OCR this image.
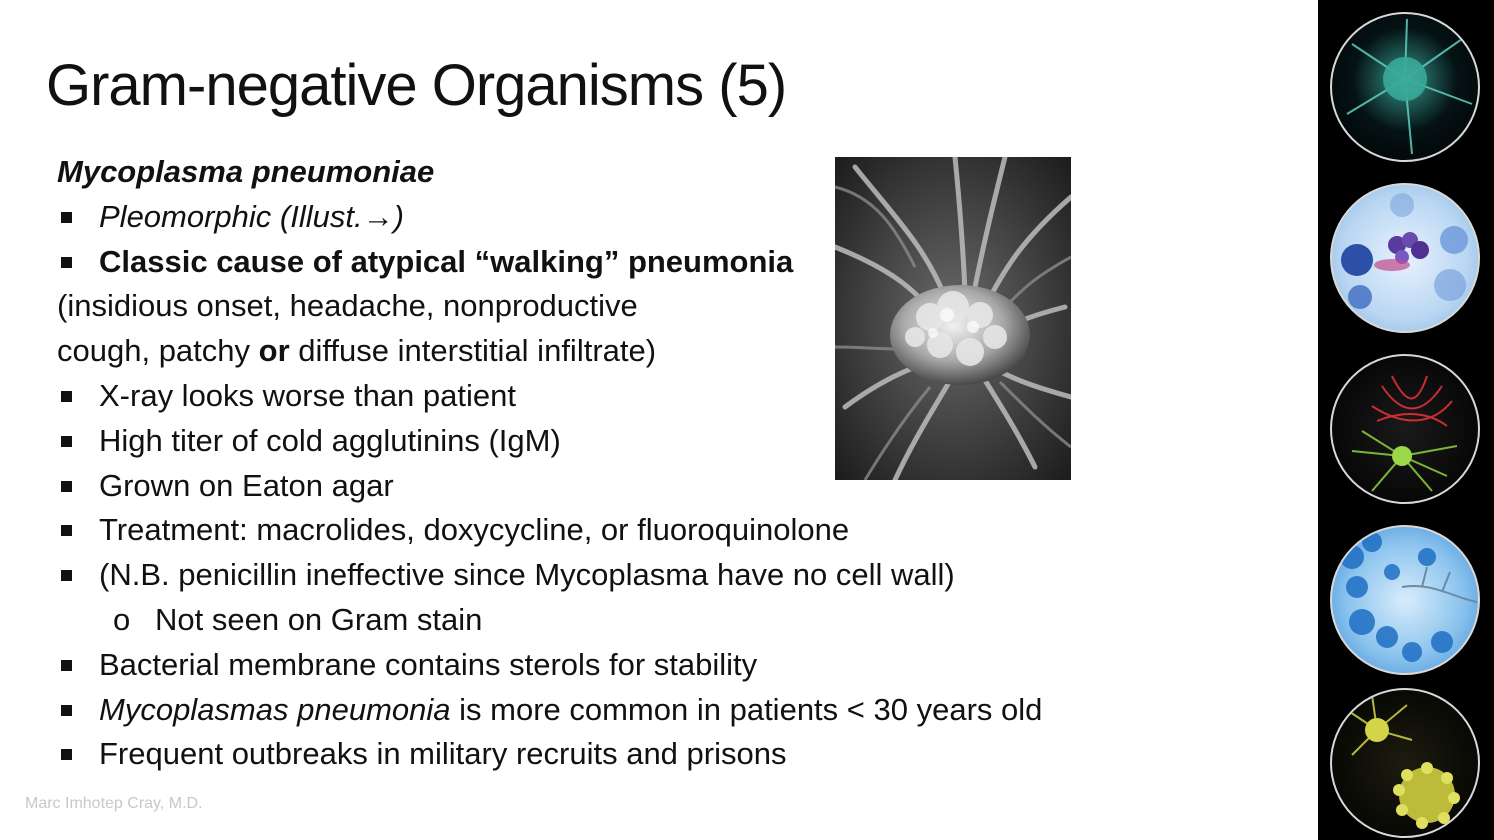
Gram-negative Organisms (5)
Mycoplasma pneumoniae
Pleomorphic (Illust.→)
Classic cause of atypical “walking” pneumonia
(insidious onset, headache, nonproductive
cough, patchy or diffuse interstitial infiltrate)
X-ray looks worse than patient
High titer of cold agglutinins (IgM)
Grown on Eaton agar
Treatment: macrolides, doxycycline, or fluoroquinolone
(N.B. penicillin ineffective since Mycoplasma have no cell wall)
o Not seen on Gram stain
Bacterial membrane contains sterols for stability
Mycoplasmas pneumonia is more common in patients < 30 years old
Frequent outbreaks in military recruits and prisons
Marc Imhotep Cray, M.D.
